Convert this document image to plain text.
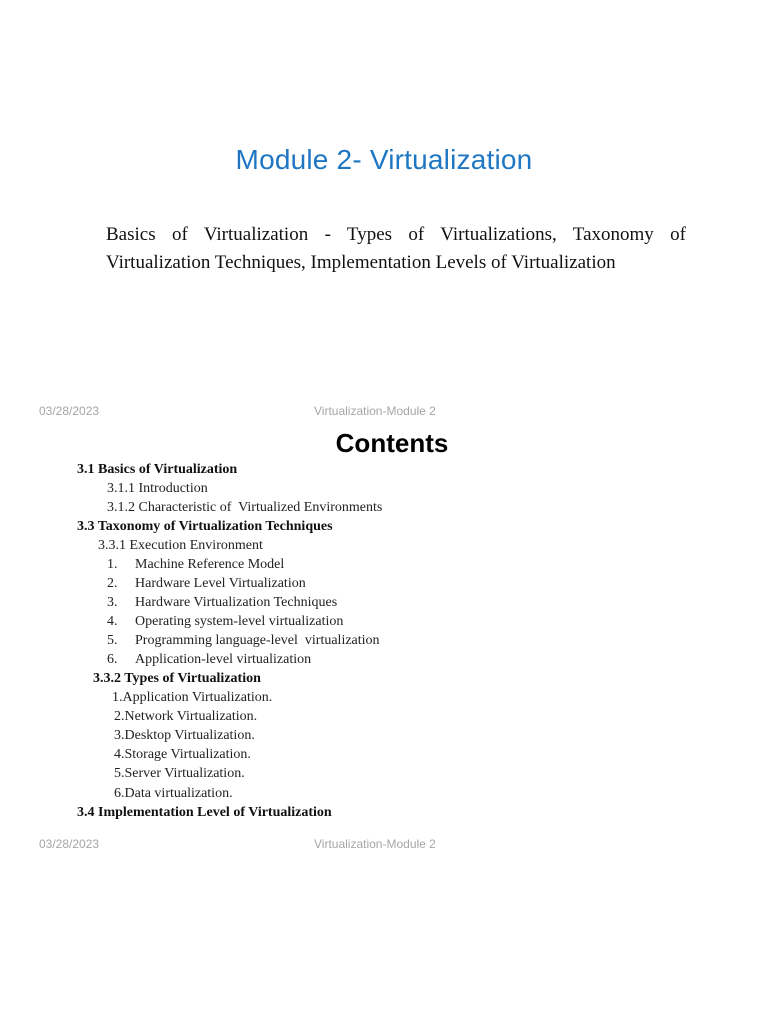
Module 2- Virtualization
Basics of Virtualization - Types of Virtualizations, Taxonomy of Virtualization Techniques, Implementation Levels of Virtualization
03/28/2023	Virtualization-Module 2
Contents
3.1 Basics of Virtualization
3.1.1 Introduction
3.1.2 Characteristic of  Virtualized Environments
3.3 Taxonomy of Virtualization Techniques
3.3.1 Execution Environment
1. Machine Reference Model
2. Hardware Level Virtualization
3. Hardware Virtualization Techniques
4. Operating system-level virtualization
5. Programming language-level  virtualization
6. Application-level virtualization
3.3.2 Types of Virtualization
1.Application Virtualization.
2.Network Virtualization.
3.Desktop Virtualization.
4.Storage Virtualization.
5.Server Virtualization.
6.Data virtualization.
3.4 Implementation Level of Virtualization
03/28/2023	Virtualization-Module 2
